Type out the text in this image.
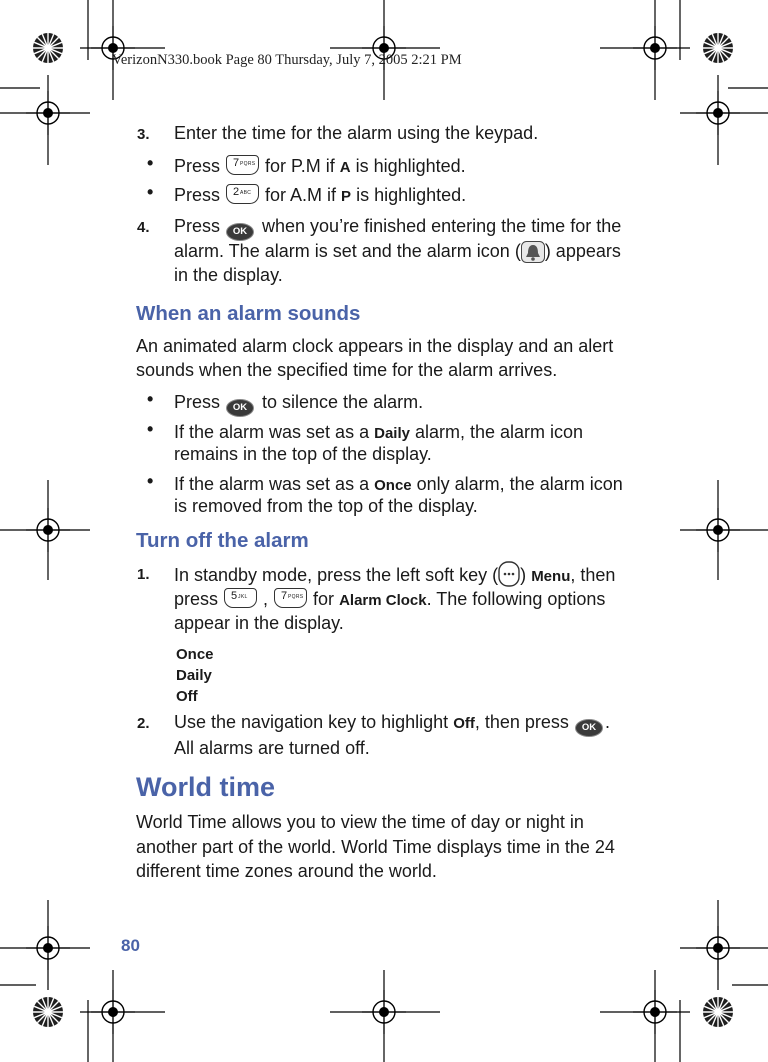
VerizonN330.book Page 80 Thursday, July 7, 2005 2:21 PM
3. Enter the time for the alarm using the keypad.
• Press 7 PQRS for P.M if A is highlighted.
• Press 2 ABC for A.M if P is highlighted.
4. Press OK when you’re finished entering the time for the
alarm. The alarm is set and the alarm icon ( ) appears
in the display.
When an alarm sounds
An animated alarm clock appears in the display and an alert
sounds when the specified time for the alarm arrives.
• Press OK to silence the alarm.
• If the alarm was set as a Daily alarm, the alarm icon
remains in the top of the display.
• If the alarm was set as a Once only alarm, the alarm icon
is removed from the top of the display.
Turn off the alarm
1. In standby mode, press the left soft key ( ) Menu, then
press 5 JKL , 7 PQRS for Alarm Clock. The following options
appear in the display.
Once
Daily
Off
2. Use the navigation key to highlight Off, then press OK .
All alarms are turned off.
World time
World Time allows you to view the time of day or night in
another part of the world. World Time displays time in the 24
different time zones around the world.
80
